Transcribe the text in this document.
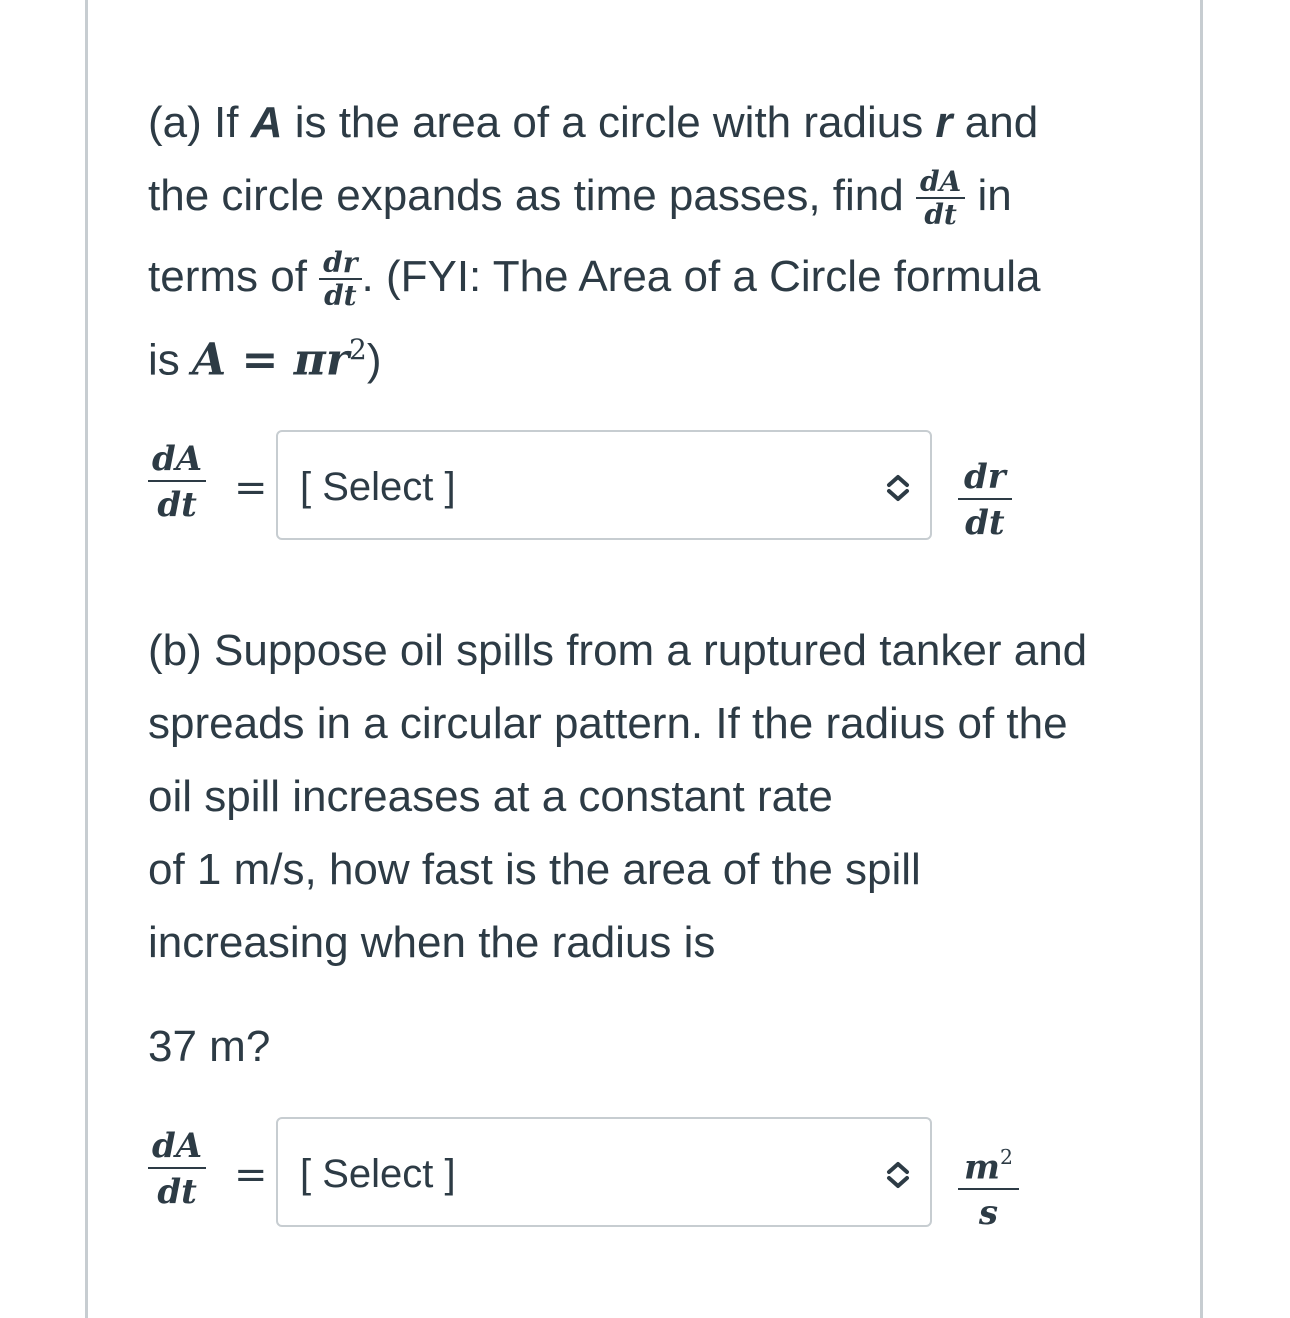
(a) If A is the area of a circle with radius r and
the circle expands as time passes, find $\frac{dA}{dt}$ in
terms of $\frac{dr}{dt}$ . (FYI: The Area of a Circle formula
is $A = \pi r^2$)
$\frac{dA}{dt}$ = [ Select ]	$\frac{dr}{dt}$
(b) Suppose oil spills from a ruptured tanker and
spreads in a circular pattern. If the radius of the
oil spill increases at a constant rate
of 1 m/s, how fast is the area of the spill
increasing when the radius is
37 m?
$\frac{dA}{dt}$ = [ Select ]	$\frac{m^2}{s}$
